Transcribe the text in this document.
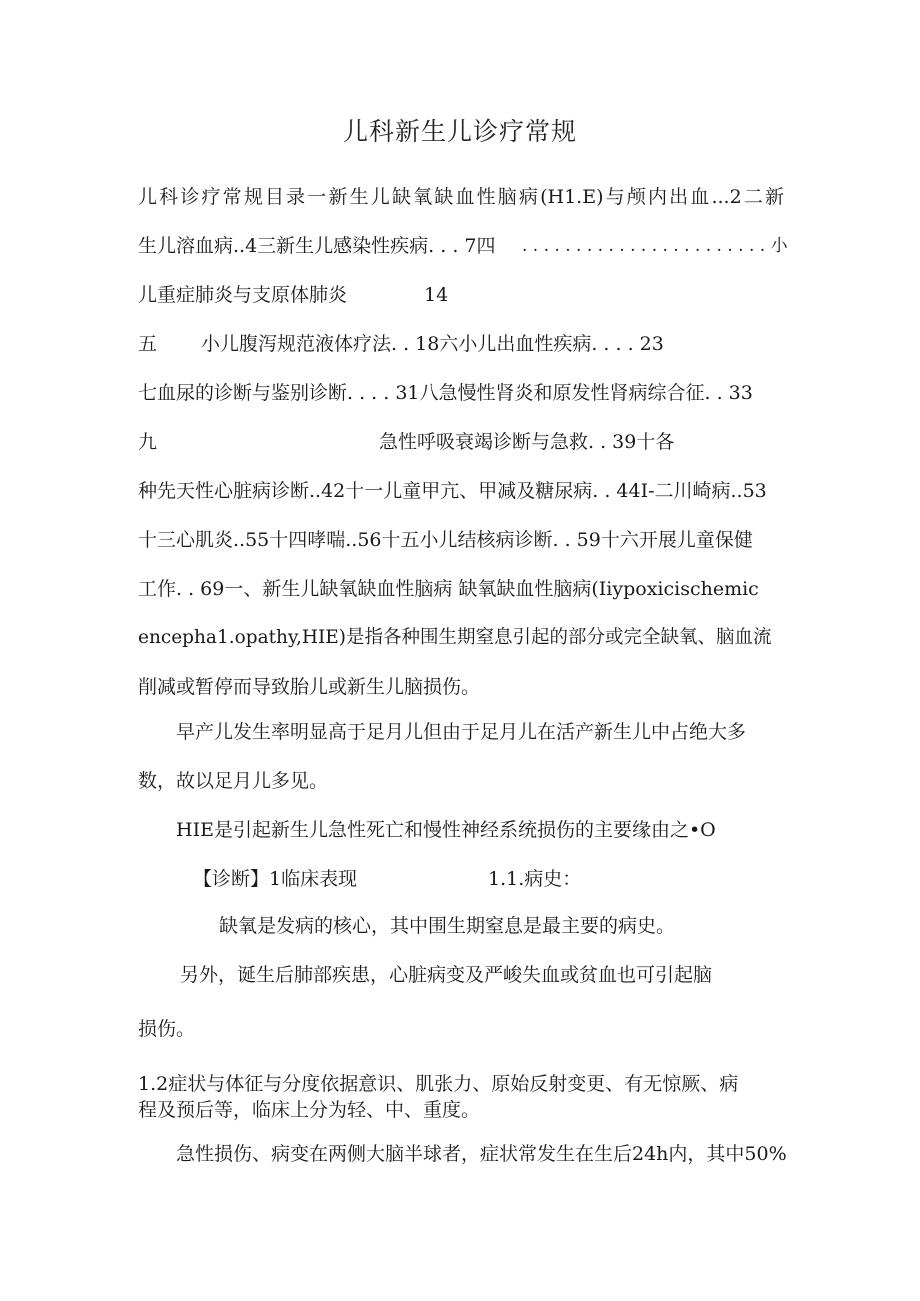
儿科新生儿诊疗常规
儿科诊疗常规目录一新生儿缺氧缺血性脑病(H1.E)与颅内出血...2二新
生儿溶血病..4三新生儿感染性疾病. . . 7四 . . . . . . . . . . . . . . . . . . . . . . . 小
儿重症肺炎与支原体肺炎	14
五 小儿腹泻规范液体疗法. . 18六小儿出血性疾病. . . . 23
七血尿的诊断与鉴别诊断. . . . 31八急慢性肾炎和原发性肾病综合征. . 33
九	急性呼吸衰竭诊断与急救. . 39十各
种先天性心脏病诊断..42十一儿童甲亢、甲减及糖尿病. . 44I-二川崎病..53
十三心肌炎..55十四哮喘..56十五小儿结核病诊断. . 59十六开展儿童保健
工作. . 69一、新生儿缺氧缺血性脑病 缺氧缺血性脑病(Iiypoxicischemic
encepha1.opathy,HIE)是指各种围生期窒息引起的部分或完全缺氧、脑血流
削减或暂停而导致胎儿或新生儿脑损伤。
早产儿发生率明显高于足月儿但由于足月儿在活产新生儿中占绝大多
数，故以足月儿多见。
HIE是引起新生儿急性死亡和慢性神经系统损伤的主要缘由之•O
【诊断】1临床表现	1.1.病史：
缺氧是发病的核心，其中围生期窒息是最主要的病史。
另外，诞生后肺部疾患，心脏病变及严峻失血或贫血也可引起脑
损伤。
1.2症状与体征与分度依据意识、肌张力、原始反射变更、有无惊厥、病
程及预后等，临床上分为轻、中、重度。
急性损伤、病变在两侧大脑半球者，症状常发生在生后24h内，其中50%
